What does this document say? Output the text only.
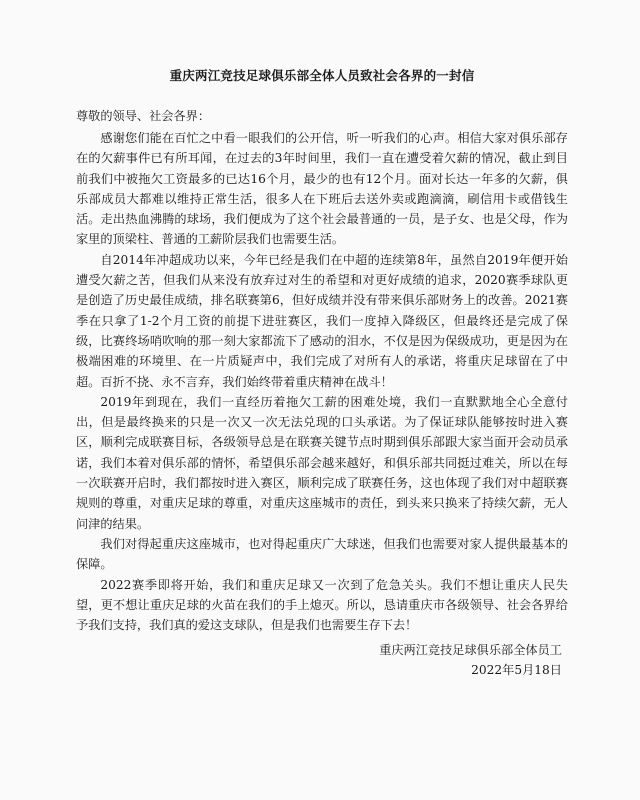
重庆两江竞技足球俱乐部全体人员致社会各界的一封信

尊敬的领导、社会各界：

感谢您们能在百忙之中看一眼我们的公开信，听一听我们的心声。相信大家对俱乐部存在的欠薪事件已有所耳闻，在过去的3年时间里，我们一直在遭受着欠薪的情况，截止到目前我们中被拖欠工资最多的已达16个月，最少的也有12个月。面对长达一年多的欠薪，俱乐部成员大都难以维持正常生活，很多人在下班后去送外卖或跑滴滴，刷信用卡或借钱生活。走出热血沸腾的球场，我们便成为了这个社会最普通的一员，是子女、也是父母，作为家里的顶梁柱、普通的工薪阶层我们也需要生活。

自2014年冲超成功以来，今年已经是我们在中超的连续第8年，虽然自2019年便开始遭受欠薪之苦，但我们从来没有放弃过对生的希望和对更好成绩的追求，2020赛季球队更是创造了历史最佳成绩，排名联赛第6，但好成绩并没有带来俱乐部财务上的改善。2021赛季在只拿了1-2个月工资的前提下进驻赛区，我们一度掉入降级区，但最终还是完成了保级，比赛终场哨吹响的那一刻大家都流下了感动的泪水，不仅是因为保级成功，更是因为在极端困难的环境里、在一片质疑声中，我们完成了对所有人的承诺，将重庆足球留在了中超。百折不挠、永不言弃，我们始终带着重庆精神在战斗！

2019年到现在，我们一直经历着拖欠工薪的困难处境，我们一直默默地全心全意付出，但是最终换来的只是一次又一次无法兑现的口头承诺。为了保证球队能够按时进入赛区，顺利完成联赛目标，各级领导总是在联赛关键节点时期到俱乐部跟大家当面开会动员承诺，我们本着对俱乐部的情怀，希望俱乐部会越来越好，和俱乐部共同挺过难关，所以在每一次联赛开启时，我们都按时进入赛区，顺利完成了联赛任务，这也体现了我们对中超联赛规则的尊重，对重庆足球的尊重，对重庆这座城市的责任，到头来只换来了持续欠薪，无人问津的结果。

我们对得起重庆这座城市，也对得起重庆广大球迷，但我们也需要对家人提供最基本的保障。

2022赛季即将开始，我们和重庆足球又一次到了危急关头。我们不想让重庆人民失望，更不想让重庆足球的火苗在我们的手上熄灭。所以，恳请重庆市各级领导、社会各界给予我们支持，我们真的爱这支球队，但是我们也需要生存下去！

重庆两江竞技足球俱乐部全体员工
2022年5月18日
